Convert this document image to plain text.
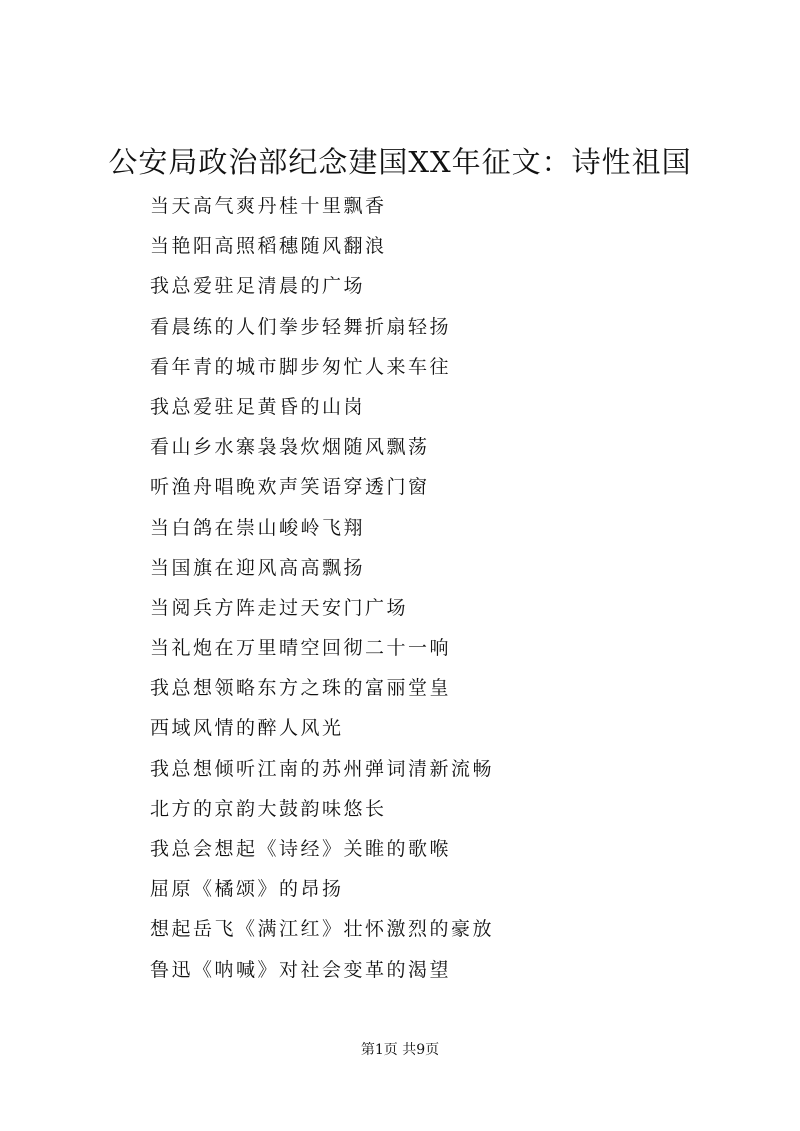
公安局政治部纪念建国XX年征文：诗性祖国
当天高气爽丹桂十里飘香
当艳阳高照稻穗随风翻浪
我总爱驻足清晨的广场
看晨练的人们拳步轻舞折扇轻扬
看年青的城市脚步匆忙人来车往
我总爱驻足黄昏的山岗
看山乡水寨袅袅炊烟随风飘荡
听渔舟唱晚欢声笑语穿透门窗
当白鸽在崇山峻岭飞翔
当国旗在迎风高高飘扬
当阅兵方阵走过天安门广场
当礼炮在万里晴空回彻二十一响
我总想领略东方之珠的富丽堂皇
西域风情的醉人风光
我总想倾听江南的苏州弹词清新流畅
北方的京韵大鼓韵味悠长
我总会想起《诗经》关睢的歌喉
屈原《橘颂》的昂扬
想起岳飞《满江红》壮怀激烈的豪放
鲁迅《呐喊》对社会变革的渴望
第1页 共9页
